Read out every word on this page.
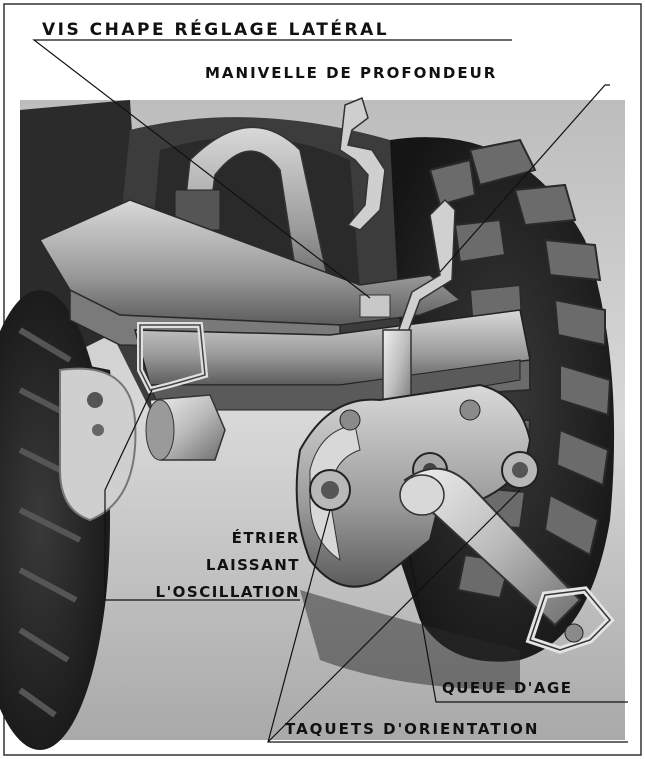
VIS CHAPE RÉGLAGE LATÉRAL
MANIVELLE DE PROFONDEUR
ÉTRIER
LAISSANT
L'OSCILLATION
QUEUE D'AGE
TAQUETS D'ORIENTATION
